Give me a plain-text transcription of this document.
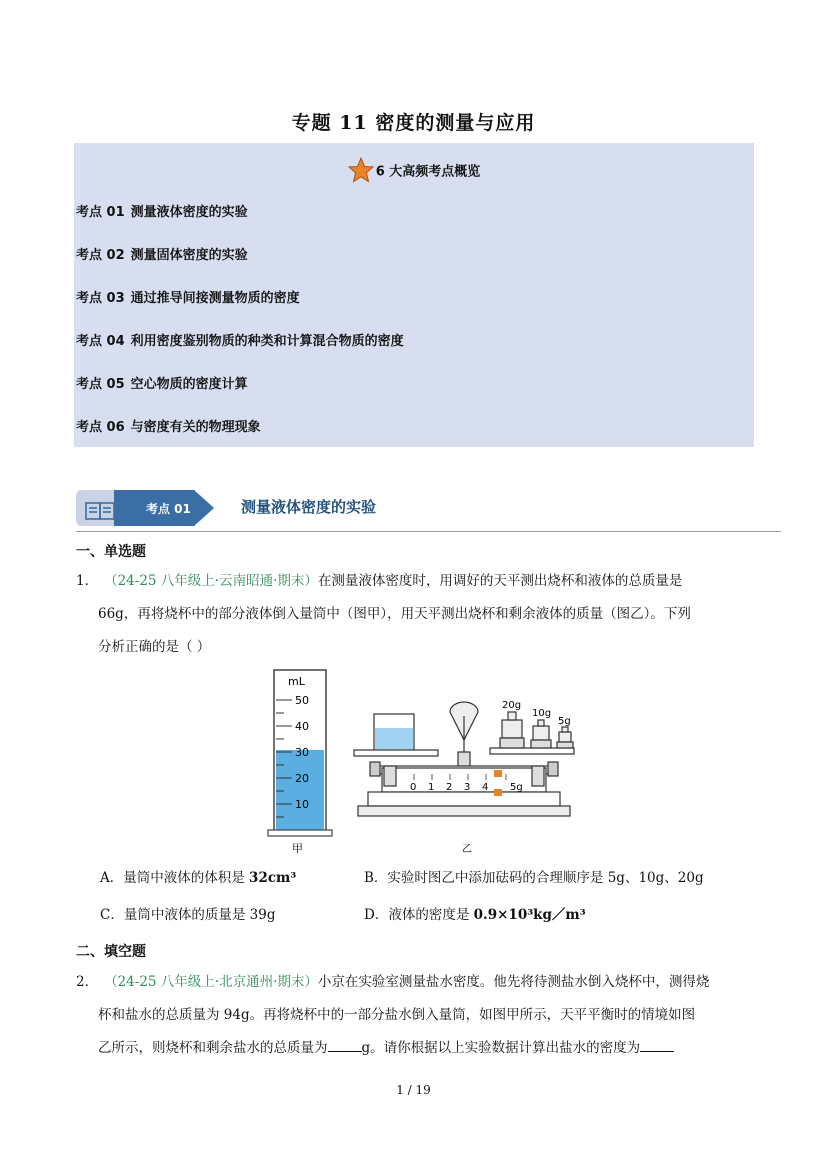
专题 11 密度的测量与应用
6 大高频考点概览
考点 01 测量液体密度的实验
考点 02 测量固体密度的实验
考点 03 通过推导间接测量物质的密度
考点 04 利用密度鉴别物质的种类和计算混合物质的密度
考点 05 空心物质的密度计算
考点 06 与密度有关的物理现象
考点 01	测量液体密度的实验
一、单选题
1． （24-25 八年级上·云南昭通·期末）在测量液体密度时，用调好的天平测出烧杯和液体的总质量是
66g，再将烧杯中的部分液体倒入量筒中（图甲），用天平测出烧杯和剩余液体的质量（图乙）。下列
分析正确的是（ ）
mL
50
40
30
20
10
甲
0 1 2 3 4 5g
20g
10g
5g
乙
A．量筒中液体的体积是 32cm³	B．实验时图乙中添加砝码的合理顺序是 5g、10g、20g
C．量筒中液体的质量是 39g	D．液体的密度是 0.9×10³kg／m³
二、填空题
2． （24-25 八年级上·北京通州·期末）小京在实验室测量盐水密度。他先将待测盐水倒入烧杯中，测得烧
杯和盐水的总质量为 94g。再将烧杯中的一部分盐水倒入量筒，如图甲所示，天平平衡时的情境如图
乙所示，则烧杯和剩余盐水的总质量为	g。请你根据以上实验数据计算出盐水的密度为
1 / 19
